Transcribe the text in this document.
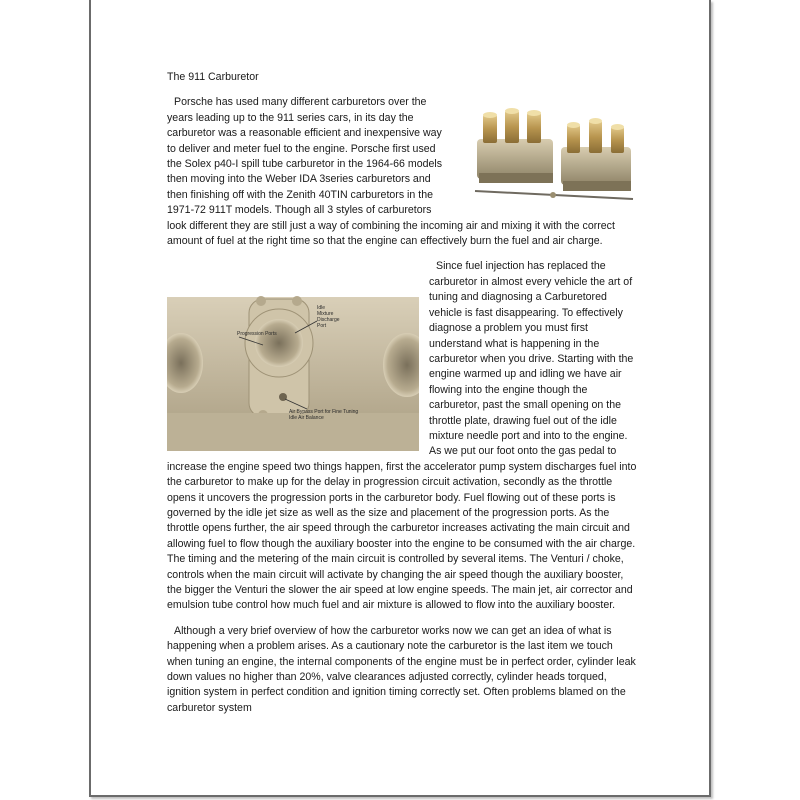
The 911 Carburetor

Porsche has used many different carburetors over the years leading up to the 911 series cars, in its day the carburetor was a reasonable efficient and inexpensive way to deliver and meter fuel to the engine. Porsche first used the Solex p40-I spill tube carburetor in the 1964-66 models then moving into the Weber IDA 3series carburetors and then finishing off with the Zenith 40TIN carburetors in the 1971-72 911T models. Though all 3 styles of carburetors look different they are still just a way of combining the incoming air and mixing it with the correct amount of fuel at the right time so that the engine can effectively burn the fuel and air charge.

Progression Ports
Idle
Mixture
Discharge
Port
Air Bypass Port for Fine Tuning
Idle Air Balance
Since fuel injection has replaced the carburetor in almost every vehicle the art of tuning and diagnosing a Carburetored vehicle is fast disappearing. To effectively diagnose a problem you must first understand what is happening in the carburetor when you drive. Starting with the engine warmed up and idling we have air flowing into the engine though the carburetor, past the small opening on the throttle plate, drawing fuel out of the idle mixture needle port and into to the engine. As we put our foot onto the gas pedal to increase the engine speed two things happen, first the accelerator pump system discharges fuel into the carburetor to make up for the delay in progression circuit activation, secondly as the throttle opens it uncovers the progression ports in the carburetor body. Fuel flowing out of these ports is governed by the idle jet size as well as the size and placement of the progression ports. As the throttle opens further, the air speed through the carburetor increases activating the main circuit and allowing fuel to flow though the auxiliary booster into the engine to be consumed with the air charge. The timing and the metering of the main circuit is controlled by several items. The Venturi / choke, controls when the main circuit will activate by changing the air speed though the auxiliary booster, the bigger the Venturi the slower the air speed at low engine speeds. The main jet, air corrector and emulsion tube control how much fuel and air mixture is allowed to flow into the auxiliary booster.

Although a very brief overview of how the carburetor works now we can get an idea of what is happening when a problem arises. As a cautionary note the carburetor is the last item we touch when tuning an engine, the internal components of the engine must be in perfect order, cylinder leak down values no higher than 20%, valve clearances adjusted correctly, cylinder heads torqued, ignition system in perfect condition and ignition timing correctly set. Often problems blamed on the carburetor system
